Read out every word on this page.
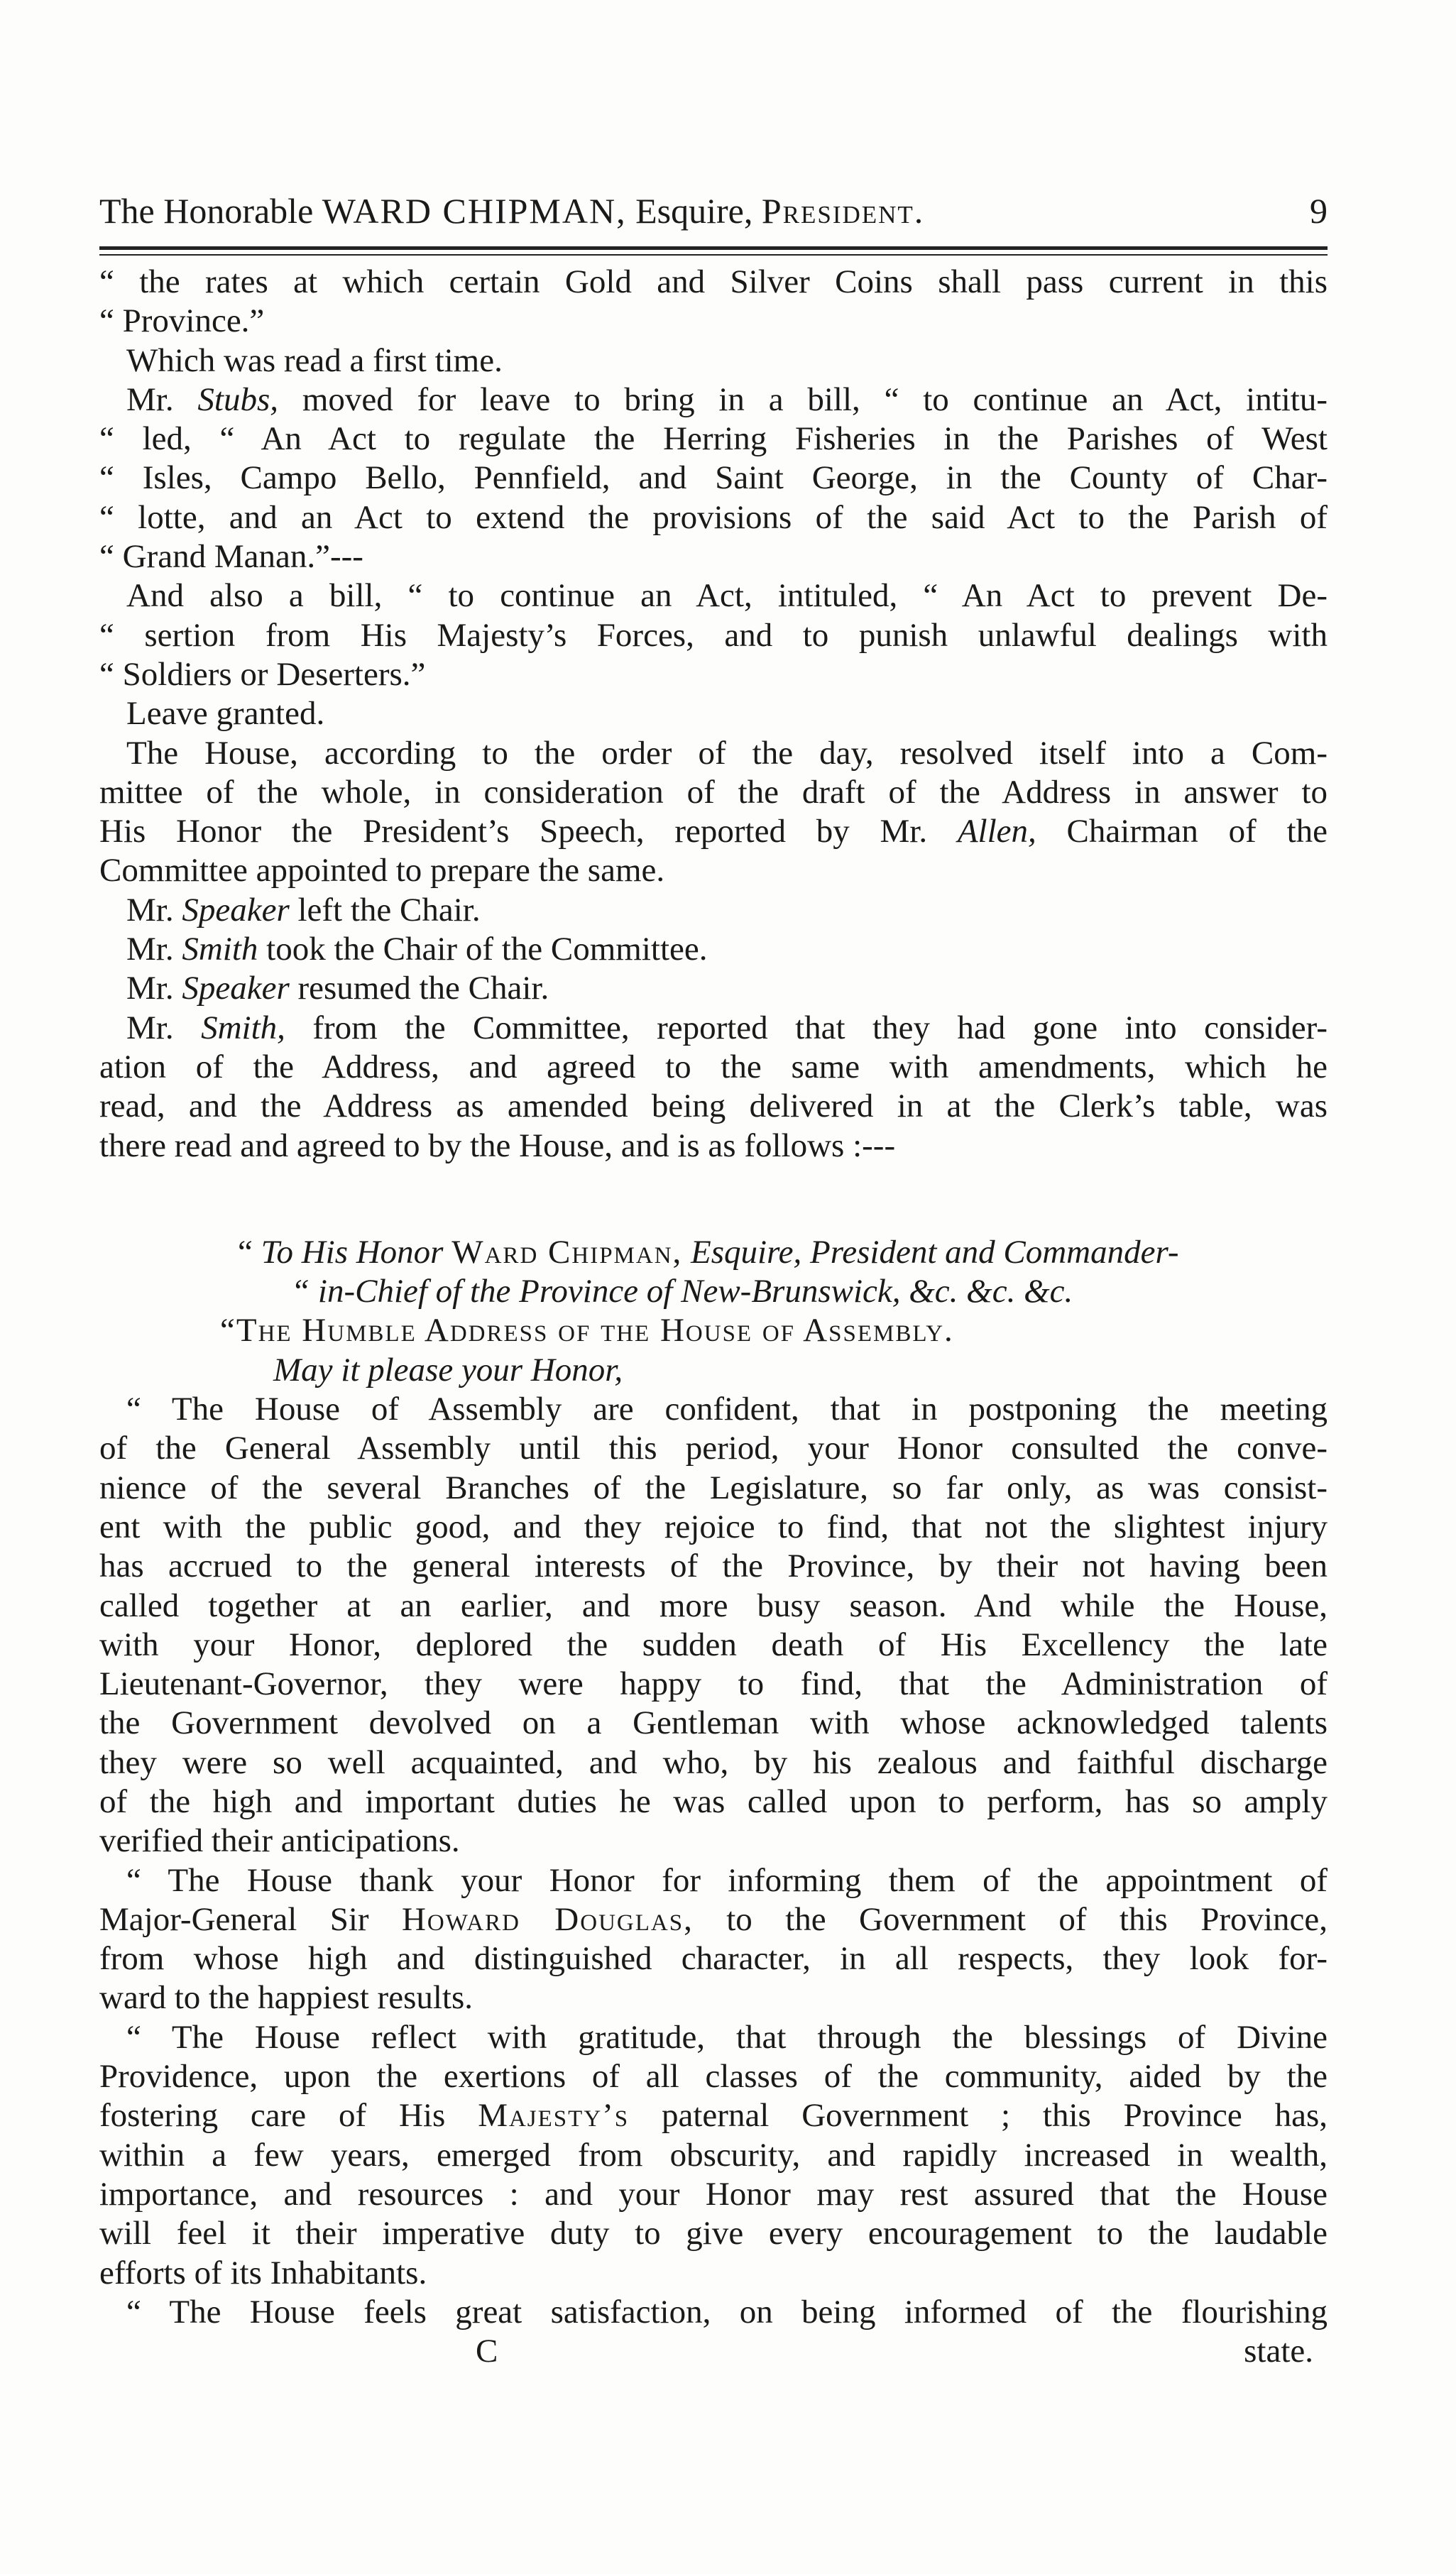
The Honorable WARD CHIPMAN, Esquire, President.	9
“ the rates at which certain Gold and Silver Coins shall pass current in this
“ Province.”
Which was read a first time.
Mr. Stubs, moved for leave to bring in a bill, “ to continue an Act, intitu-
“ led, “ An Act to regulate the Herring Fisheries in the Parishes of West
“ Isles, Campo Bello, Pennfield, and Saint George, in the County of Char-
“ lotte, and an Act to extend the provisions of the said Act to the Parish of
“ Grand Manan.”---
And also a bill, “ to continue an Act, intituled, “ An Act to prevent De-
“ sertion from His Majesty’s Forces, and to punish unlawful dealings with
“ Soldiers or Deserters.”
Leave granted.
The House, according to the order of the day, resolved itself into a Com-
mittee of the whole, in consideration of the draft of the Address in answer to
His Honor the President’s Speech, reported by Mr. Allen, Chairman of the
Committee appointed to prepare the same.
Mr. Speaker left the Chair.
Mr. Smith took the Chair of the Committee.
Mr. Speaker resumed the Chair.
Mr. Smith, from the Committee, reported that they had gone into consider-
ation of the Address, and agreed to the same with amendments, which he
read, and the Address as amended being delivered in at the Clerk’s table, was
there read and agreed to by the House, and is as follows :---
“ To His Honor Ward Chipman, Esquire, President and Commander-
“ in-Chief of the Province of New-Brunswick, &c. &c. &c.
“The Humble Address of the House of Assembly.
May it please your Honor,
“ The House of Assembly are confident, that in postponing the meeting
of the General Assembly until this period, your Honor consulted the conve-
nience of the several Branches of the Legislature, so far only, as was consist-
ent with the public good, and they rejoice to find, that not the slightest injury
has accrued to the general interests of the Province, by their not having been
called together at an earlier, and more busy season. And while the House,
with your Honor, deplored the sudden death of His Excellency the late
Lieutenant-Governor, they were happy to find, that the Administration of
the Government devolved on a Gentleman with whose acknowledged talents
they were so well acquainted, and who, by his zealous and faithful discharge
of the high and important duties he was called upon to perform, has so amply
verified their anticipations.
“ The House thank your Honor for informing them of the appointment of
Major-General Sir Howard Douglas, to the Government of this Province,
from whose high and distinguished character, in all respects, they look for-
ward to the happiest results.
“ The House reflect with gratitude, that through the blessings of Divine
Providence, upon the exertions of all classes of the community, aided by the
fostering care of His Majesty’s paternal Government ; this Province has,
within a few years, emerged from obscurity, and rapidly increased in wealth,
importance, and resources : and your Honor may rest assured that the House
will feel it their imperative duty to give every encouragement to the laudable
efforts of its Inhabitants.
“ The House feels great satisfaction, on being informed of the flourishing
C	state.
